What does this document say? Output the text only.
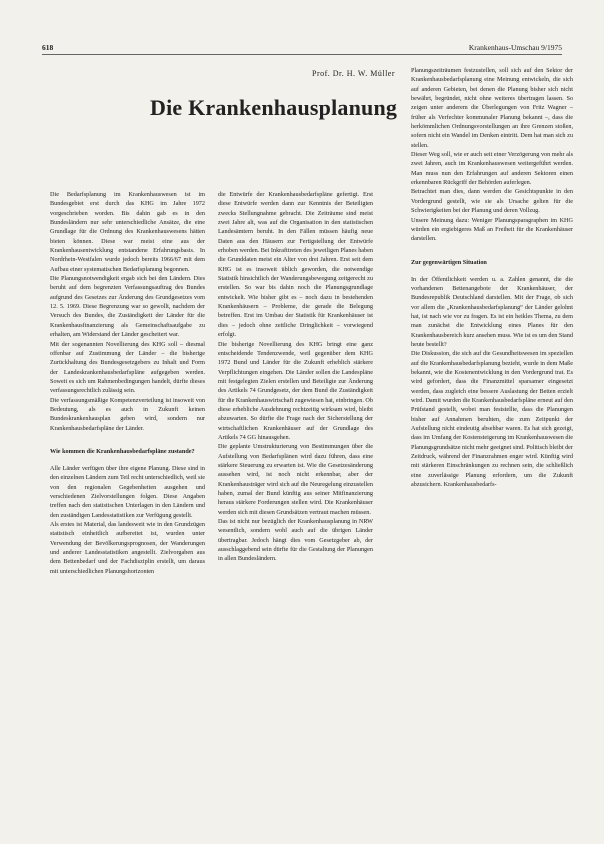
618	Krankenhaus-Umschau 9/1975
Prof. Dr. H. W. Müller
Die Krankenhausplanung

Die Bedarfsplanung im Krankenhauswesen ist im Bundesgebiet erst durch das KHG im Jahre 1972 vorgeschrieben worden. Bis dahin gab es in den Bundesländern nur sehr unterschiedliche Ansätze, die eine Grundlage für die Ordnung des Krankenhauswesens hätten bieten können. Diese war meist eine aus der Krankenhausentwicklung entstandene Erfahrungsbasis. In Nordrhein-Westfalen wurde jedoch bereits 1966/67 mit dem Aufbau einer systematischen Bedarfsplanung begonnen.

Die Planungsnotwendigkeit ergab sich bei den Ländern. Dies beruht auf dem begrenzten Verfassungsauftrag des Bundes aufgrund des Gesetzes zur Änderung des Grundgesetzes vom 12. 5. 1969. Diese Begrenzung war so gewollt, nachdem der Versuch des Bundes, die Zuständigkeit der Länder für die Krankenhausfinanzierung als Gemeinschaftsaufgabe zu erhalten, am Widerstand der Länder gescheitert war.

Mit der sogenannten Novellierung des KHG soll – diesmal offenbar auf Zustimmung der Länder – die bisherige Zurückhaltung des Bundesgesetzgebers zu Inhalt und Form der Landeskrankenhausbedarfspläne aufgegeben werden. Soweit es sich um Rahmenbedingungen handelt, dürfte dieses verfassungsrechtlich zulässig sein.

Die verfassungsmäßige Kompetenzverteilung ist insoweit von Bedeutung, als es auch in Zukunft keinen Bundeskrankenhausplan geben wird, sondern nur Krankenhausbedarfspläne der Länder.

Wie kommen die Krankenhausbedarfspläne zustande?

Alle Länder verfügen über ihre eigene Planung. Diese sind in den einzelnen Ländern zum Teil recht unterschiedlich, weil sie von den regionalen Gegebenheiten ausgehen und verschiedenen Zielvorstellungen folgen. Diese Angaben treffen nach den statistischen Unterlagen in den Ländern und den zuständigen Landesstatistiken zur Verfügung gestellt.

Als erstes ist Material, das landesweit wie in den Grundzügen statistisch einheitlich aufbereitet ist, wurden unter Verwendung der Bevölkerungsprognosen, der Wanderungen und anderer Landesstatistiken angestellt. Zielvorgaben aus dem Bettenbedarf und der Fachdisziplin erstellt, um daraus mit unterschiedlichen Planungshorizonten

die Entwürfe der Krankenhausbedarfspläne gefertigt. Erst diese Entwürfe werden dann zur Kenntnis der Beteiligten zwecks Stellungnahme gebracht. Die Zeiträume sind meist zwei Jahre alt, was auf die Organisation in den statistischen Landesämtern beruht. In den Fällen müssen häufig neue Daten aus den Häusern zur Fertigstellung der Entwürfe erhoben werden. Bei Inkrafttreten des jeweiligen Planes haben die Grunddaten meist ein Alter von drei Jahren. Erst seit dem KHG ist es insoweit üblich geworden, die notwendige Statistik hinsichtlich der Wanderungsbewegung zeitgerecht zu erstellen. So war bis dahin noch die Planungsgrundlage entwickelt. Wie bisher gibt es – noch dazu in bestehenden Krankenhäusern – Probleme, die gerade die Belegung betreffen. Erst im Umbau der Statistik für Krankenhäuser ist dies – jedoch ohne zeitliche Dringlichkeit – vorwiegend erfolgt.

Die bisherige Novellierung des KHG bringt eine ganz entscheidende Tendenzwende, weil gegenüber dem KHG 1972 Bund und Länder für die Zukunft erheblich stärkere Verpflichtungen eingehen. Die Länder sollen die Landespläne mit festgelegten Zielen erstellen und Beteiligte zur Änderung des Artikels 74 Grundgesetz, der dem Bund die Zuständigkeit für die Krankenhauswirtschaft zugewiesen hat, einbringen. Ob diese erhebliche Ausdehnung rechtzeitig wirksam wird, bleibt abzuwarten. So dürfte die Frage nach der Sicherstellung der wirtschaftlichen Krankenhäuser auf der Grundlage des Artikels 74 GG hinausgehen.

Die geplante Umstrukturierung von Bestimmungen über die Aufstellung von Bedarfsplänen wird dazu führen, dass eine stärkere Steuerung zu erwarten ist. Wie die Gesetzesänderung aussehen wird, ist noch nicht erkennbar, aber der Krankenhausträger wird sich auf die Neuregelung einzustellen haben, zumal der Bund künftig aus seiner Mitfinanzierung heraus stärkere Forderungen stellen wird. Die Krankenhäuser werden sich mit diesen Grundsätzen vertraut machen müssen.

Das ist nicht nur bezüglich der Krankenhausplanung in NRW wesentlich, sondern wohl auch auf die übrigen Länder übertragbar. Jedoch hängt dies vom Gesetzgeber ab, der ausschlaggebend sein dürfte für die Gestaltung der Planungen in allen Bundesländern.

Planungszeiträumen festzustellen, soll sich auf den Sektor der Krankenhausbedarfsplanung eine Meinung entwickeln, die sich auf anderen Gebieten, bei denen die Planung bisher sich nicht bewährt, begründet, nicht ohne weiteres übertragen lassen. So zeigen unter anderem die Überlegungen von Fritz Wagner – früher als Verfechter kommunaler Planung bekannt –, dass die herkömmlichen Ordnungsvorstellungen an ihre Grenzen stoßen, sofern nicht ein Wandel im Denken eintritt. Dem hat man sich zu stellen.

Dieser Weg soll, wie er auch seit einer Verzögerung von mehr als zwei Jahren, auch im Krankenhauswesen weitergeführt werden. Man muss nun den Erfahrungen auf anderen Sektoren einen erkennbaren Rückgriff der Behörden auferlegen.

Betrachtet man dies, dann werden die Gesichtspunkte in den Vordergrund gestellt, wie sie als Ursache gelten für die Schwierigkeiten bei der Planung und deren Vollzug.

Unsere Meinung dazu: Weniger Planungsparagraphen im KHG würden ein ergiebigeres Maß an Freiheit für die Krankenhäuser darstellen.

Zur gegenwärtigen Situation

In der Öffentlichkeit werden u. a. Zahlen genannt, die die vorhandenen Bettenangebote der Krankenhäuser, der Bundesrepublik Deutschland darstellen. Mit der Frage, ob sich vor allem die „Krankenhausbedarfsplanung“ der Länder gelohnt hat, ist nach wie vor zu fragen. Es ist ein heikles Thema, zu dem man zunächst die Entwicklung eines Planes für den Krankenhausbereich kurz ansehen muss. Wie ist es um den Stand heute bestellt?

Die Diskussion, die sich auf die Gesundheitswesen im speziellen auf die Krankenhausbedarfsplanung bezieht, wurde in dem Maße bekannt, wie die Kostenentwicklung in den Vordergrund trat. Es wird gefordert, dass die Finanzmittel sparsamer eingesetzt werden, dass zugleich eine bessere Auslastung der Betten erzielt wird. Damit wurden die Krankenhausbedarfspläne erneut auf den Prüfstand gestellt, wobei man feststellte, dass die Planungen bisher auf Annahmen beruhten, die zum Zeitpunkt der Aufstellung nicht eindeutig absehbar waren. Es hat sich gezeigt, dass im Umfang der Kostensteigerung im Krankenhauswesen die Planungsgrundsätze nicht mehr geeignet sind. Politisch bleibt der Zeitdruck, während der Finanzrahmen enger wird. Künftig wird mit stärkeren Einschränkungen zu rechnen sein, die schließlich eine zuverlässige Planung erfordern, um die Zukunft abzusichern. Krankenhausbedarfs-
